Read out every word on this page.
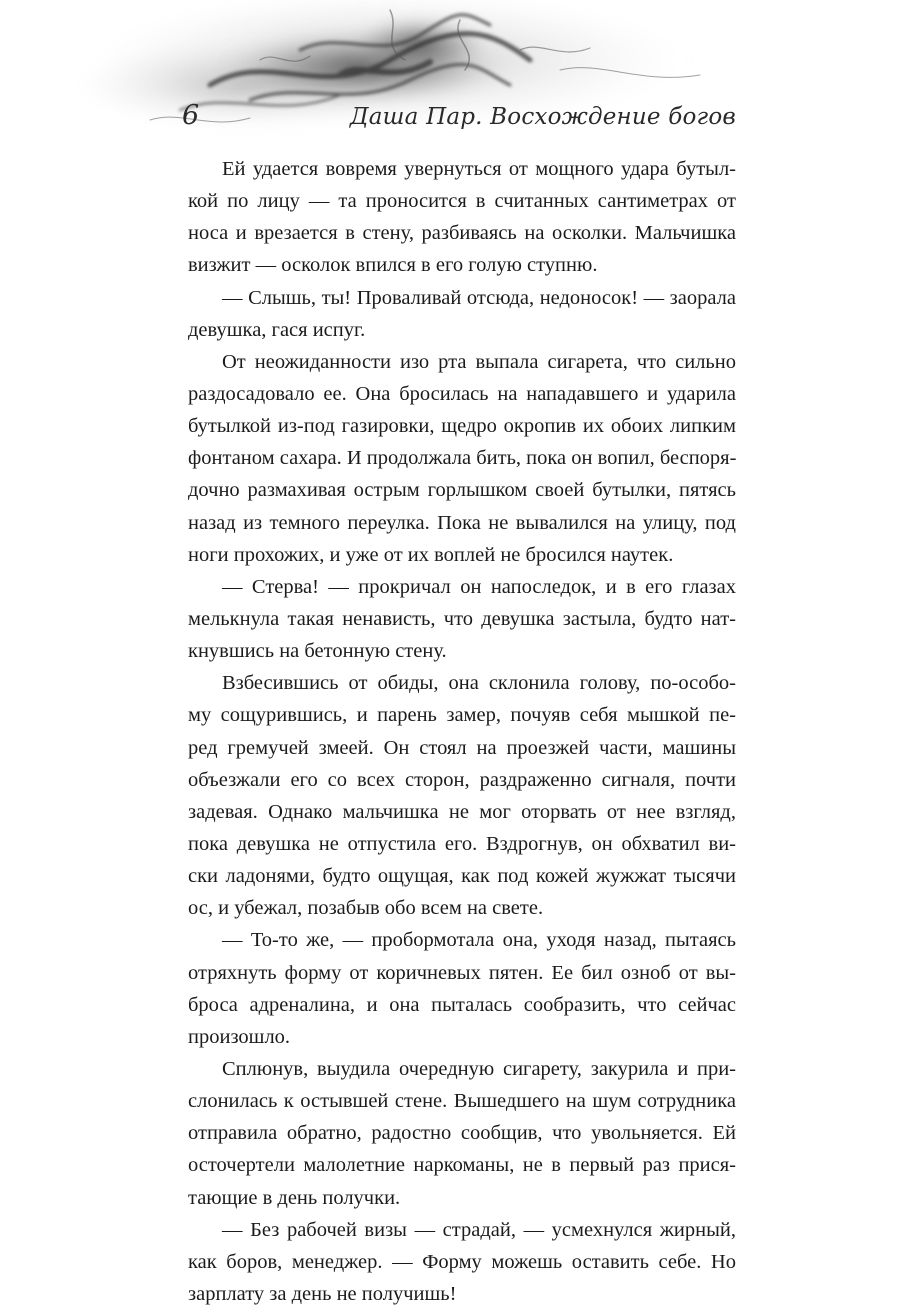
6	Даша Пар. Восхождение богов
Ей удается вовремя увернуться от мощного удара бутыл-
кой по лицу — та проносится в считанных сантиметрах от
носа и врезается в стену, разбиваясь на осколки. Мальчишка
визжит — осколок впился в его голую ступню.
— Слышь, ты! Проваливай отсюда, недоносок! — заорала
девушка, гася испуг.
От неожиданности изо рта выпала сигарета, что сильно
раздосадовало ее. Она бросилась на нападавшего и ударила
бутылкой из-под газировки, щедро окропив их обоих липким
фонтаном сахара. И продолжала бить, пока он вопил, беспоря-
дочно размахивая острым горлышком своей бутылки, пятясь
назад из темного переулка. Пока не вывалился на улицу, под
ноги прохожих, и уже от их воплей не бросился наутек.
— Стерва! — прокричал он напоследок, и в его глазах
мелькнула такая ненависть, что девушка застыла, будто нат-
кнувшись на бетонную стену.
Взбесившись от обиды, она склонила голову, по-особо-
му сощурившись, и парень замер, почуяв себя мышкой пе-
ред гремучей змеей. Он стоял на проезжей части, машины
объезжали его со всех сторон, раздраженно сигналя, почти
задевая. Однако мальчишка не мог оторвать от нее взгляд,
пока девушка не отпустила его. Вздрогнув, он обхватил ви-
ски ладонями, будто ощущая, как под кожей жужжат тысячи
ос, и убежал, позабыв обо всем на свете.
— То-то же, — пробормотала она, уходя назад, пытаясь
отряхнуть форму от коричневых пятен. Ее бил озноб от вы-
броса адреналина, и она пыталась сообразить, что сейчас
произошло.
Сплюнув, выудила очередную сигарету, закурила и при-
слонилась к остывшей стене. Вышедшего на шум сотрудника
отправила обратно, радостно сообщив, что увольняется. Ей
осточертели малолетние наркоманы, не в первый раз прися-
тающие в день получки.
— Без рабочей визы — страдай, — усмехнулся жирный,
как боров, менеджер. — Форму можешь оставить себе. Но
зарплату за день не получишь!
